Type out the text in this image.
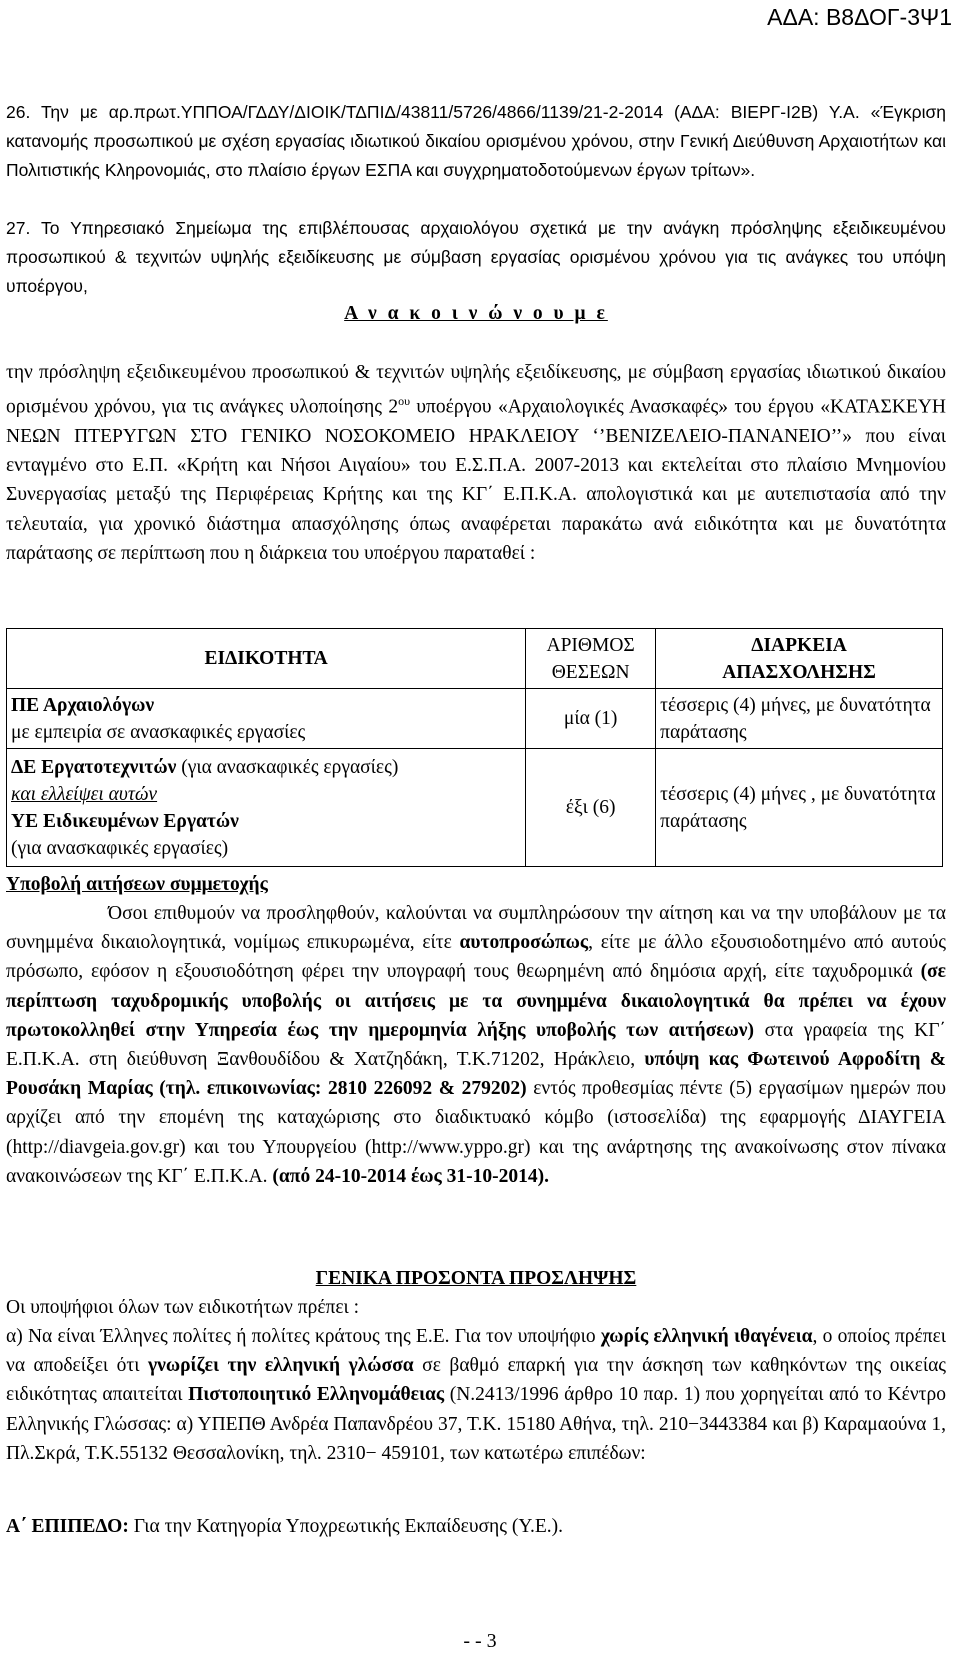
ΑΔΑ: Β8ΔΟΓ-3Ψ1

26. Την με αρ.πρωτ.ΥΠΠΟΑ/ΓΔΔΥ/ΔΙΟΙΚ/ΤΔΠΙΔ/43811/5726/4866/1139/21-2-2014 (ΑΔΑ: ΒΙΕΡΓ-Ι2Β) Υ.Α. «Έγκριση κατανομής προσωπικού με σχέση εργασίας ιδιωτικού δικαίου ορισμένου χρόνου, στην Γενική Διεύθυνση Αρχαιοτήτων και Πολιτιστικής Κληρονομιάς, στο πλαίσιο έργων ΕΣΠΑ και συγχρηματοδοτούμενων έργων τρίτων».

27. Το Υπηρεσιακό Σημείωμα της επιβλέπουσας αρχαιολόγου σχετικά με την ανάγκη πρόσληψης εξειδικευμένου προσωπικού & τεχνιτών υψηλής εξειδίκευσης με σύμβαση εργασίας ορισμένου χρόνου για τις ανάγκες του υπόψη υποέργου,

Α ν α κ ο ι ν ώ ν ο υ μ ε

την πρόσληψη εξειδικευμένου προσωπικού & τεχνιτών υψηλής εξειδίκευσης, με σύμβαση εργασίας ιδιωτικού δικαίου ορισμένου χρόνου, για τις ανάγκες υλοποίησης $2^{o\upsilon}$ υποέργου «Αρχαιολογικές Ανασκαφές» του έργου «ΚΑΤΑΣΚΕΥΗ ΝΕΩΝ ΠΤΕΡΥΓΩΝ ΣΤΟ ΓΕΝΙΚΟ ΝΟΣΟΚΟΜΕΙΟ ΗΡΑΚΛΕΙΟΥ ‘’ΒΕΝΙΖΕΛΕΙΟ-ΠΑΝΑΝΕΙΟ’’» που είναι ενταγμένο στο Ε.Π. «Κρήτη και Νήσοι Αιγαίου» του Ε.Σ.Π.Α. 2007-2013 και εκτελείται στο πλαίσιο Μνημονίου Συνεργασίας μεταξύ της Περιφέρειας Κρήτης και της ΚΓ΄ Ε.Π.Κ.Α. απολογιστικά και με αυτεπιστασία από την τελευταία, για χρονικό διάστημα απασχόλησης όπως αναφέρεται παρακάτω ανά ειδικότητα και με δυνατότητα παράτασης σε περίπτωση που η διάρκεια του υποέργου παραταθεί :

ΕΙΔΙΚΟΤΗΤΑ	ΑΡΙΘΜΟΣ ΘΕΣΕΩΝ	ΔΙΑΡΚΕΙΑ ΑΠΑΣΧΟΛΗΣΗΣ

ΠΕ Αρχαιολόγων
με εμπειρία σε ανασκαφικές εργασίες	μία (1)	τέσσερις (4) μήνες, με δυνατότητα παράτασης

ΔΕ Εργατοτεχνιτών (για ανασκαφικές εργασίες)
και ελλείψει αυτών
ΥΕ Ειδικευμένων Εργατών
(για ανασκαφικές εργασίες)	έξι (6)	τέσσερις (4) μήνες , με δυνατότητα παράτασης

Υποβολή αιτήσεων συμμετοχής

Όσοι επιθυμούν να προσληφθούν, καλούνται να συμπληρώσουν την αίτηση και να την υποβάλουν με τα συνημμένα δικαιολογητικά, νομίμως επικυρωμένα, είτε αυτοπροσώπως, είτε με άλλο εξουσιοδοτημένο από αυτούς πρόσωπο, εφόσον η εξουσιοδότηση φέρει την υπογραφή τους θεωρημένη από δημόσια αρχή, είτε ταχυδρομικά (σε περίπτωση ταχυδρομικής υποβολής οι αιτήσεις με τα συνημμένα δικαιολογητικά θα πρέπει να έχουν πρωτοκολληθεί στην Υπηρεσία έως την ημερομηνία λήξης υποβολής των αιτήσεων) στα γραφεία της ΚΓ΄ Ε.Π.Κ.Α. στη διεύθυνση Ξανθουδίδου & Χατζηδάκη, Τ.Κ.71202, Ηράκλειο, υπόψη κας Φωτεινού Αφροδίτη & Ρουσάκη Μαρίας (τηλ. επικοινωνίας: 2810 226092 & 279202) εντός προθεσμίας πέντε (5) εργασίμων ημερών που αρχίζει από την επομένη της καταχώρισης στο διαδικτυακό κόμβο (ιστοσελίδα) της εφαρμογής ΔΙΑΥΓΕΙΑ (http://diavgeia.gov.gr) και του Υπουργείου (http://www.yppo.gr) και της ανάρτησης της ανακοίνωσης στον πίνακα ανακοινώσεων της ΚΓ΄ Ε.Π.Κ.Α. (από 24-10-2014 έως 31-10-2014).

ΓΕΝΙΚΑ ΠΡΟΣΟΝΤΑ ΠΡΟΣΛΗΨΗΣ

Οι υποψήφιοι όλων των ειδικοτήτων πρέπει :

α) Να είναι Έλληνες πολίτες ή πολίτες κράτους της Ε.Ε. Για τον υποψήφιο χωρίς ελληνική ιθαγένεια, ο οποίος πρέπει να αποδείξει ότι γνωρίζει την ελληνική γλώσσα σε βαθμό επαρκή για την άσκηση των καθηκόντων της οικείας ειδικότητας απαιτείται Πιστοποιητικό Ελληνομάθειας (Ν.2413/1996 άρθρο 10 παρ. 1) που χορηγείται από το Κέντρο Ελληνικής Γλώσσας: α) ΥΠΕΠΘ Ανδρέα Παπανδρέου 37, Τ.Κ. 15180 Αθήνα, τηλ. 210−3443384 και β) Καραμαούνα 1, Πλ.Σκρά, Τ.Κ.55132 Θεσσαλονίκη, τηλ. 2310− 459101, των κατωτέρω επιπέδων:

Α΄ ΕΠΙΠΕΔΟ: Για την Κατηγορία Υποχρεωτικής Εκπαίδευσης (Υ.Ε.).

- - 3
